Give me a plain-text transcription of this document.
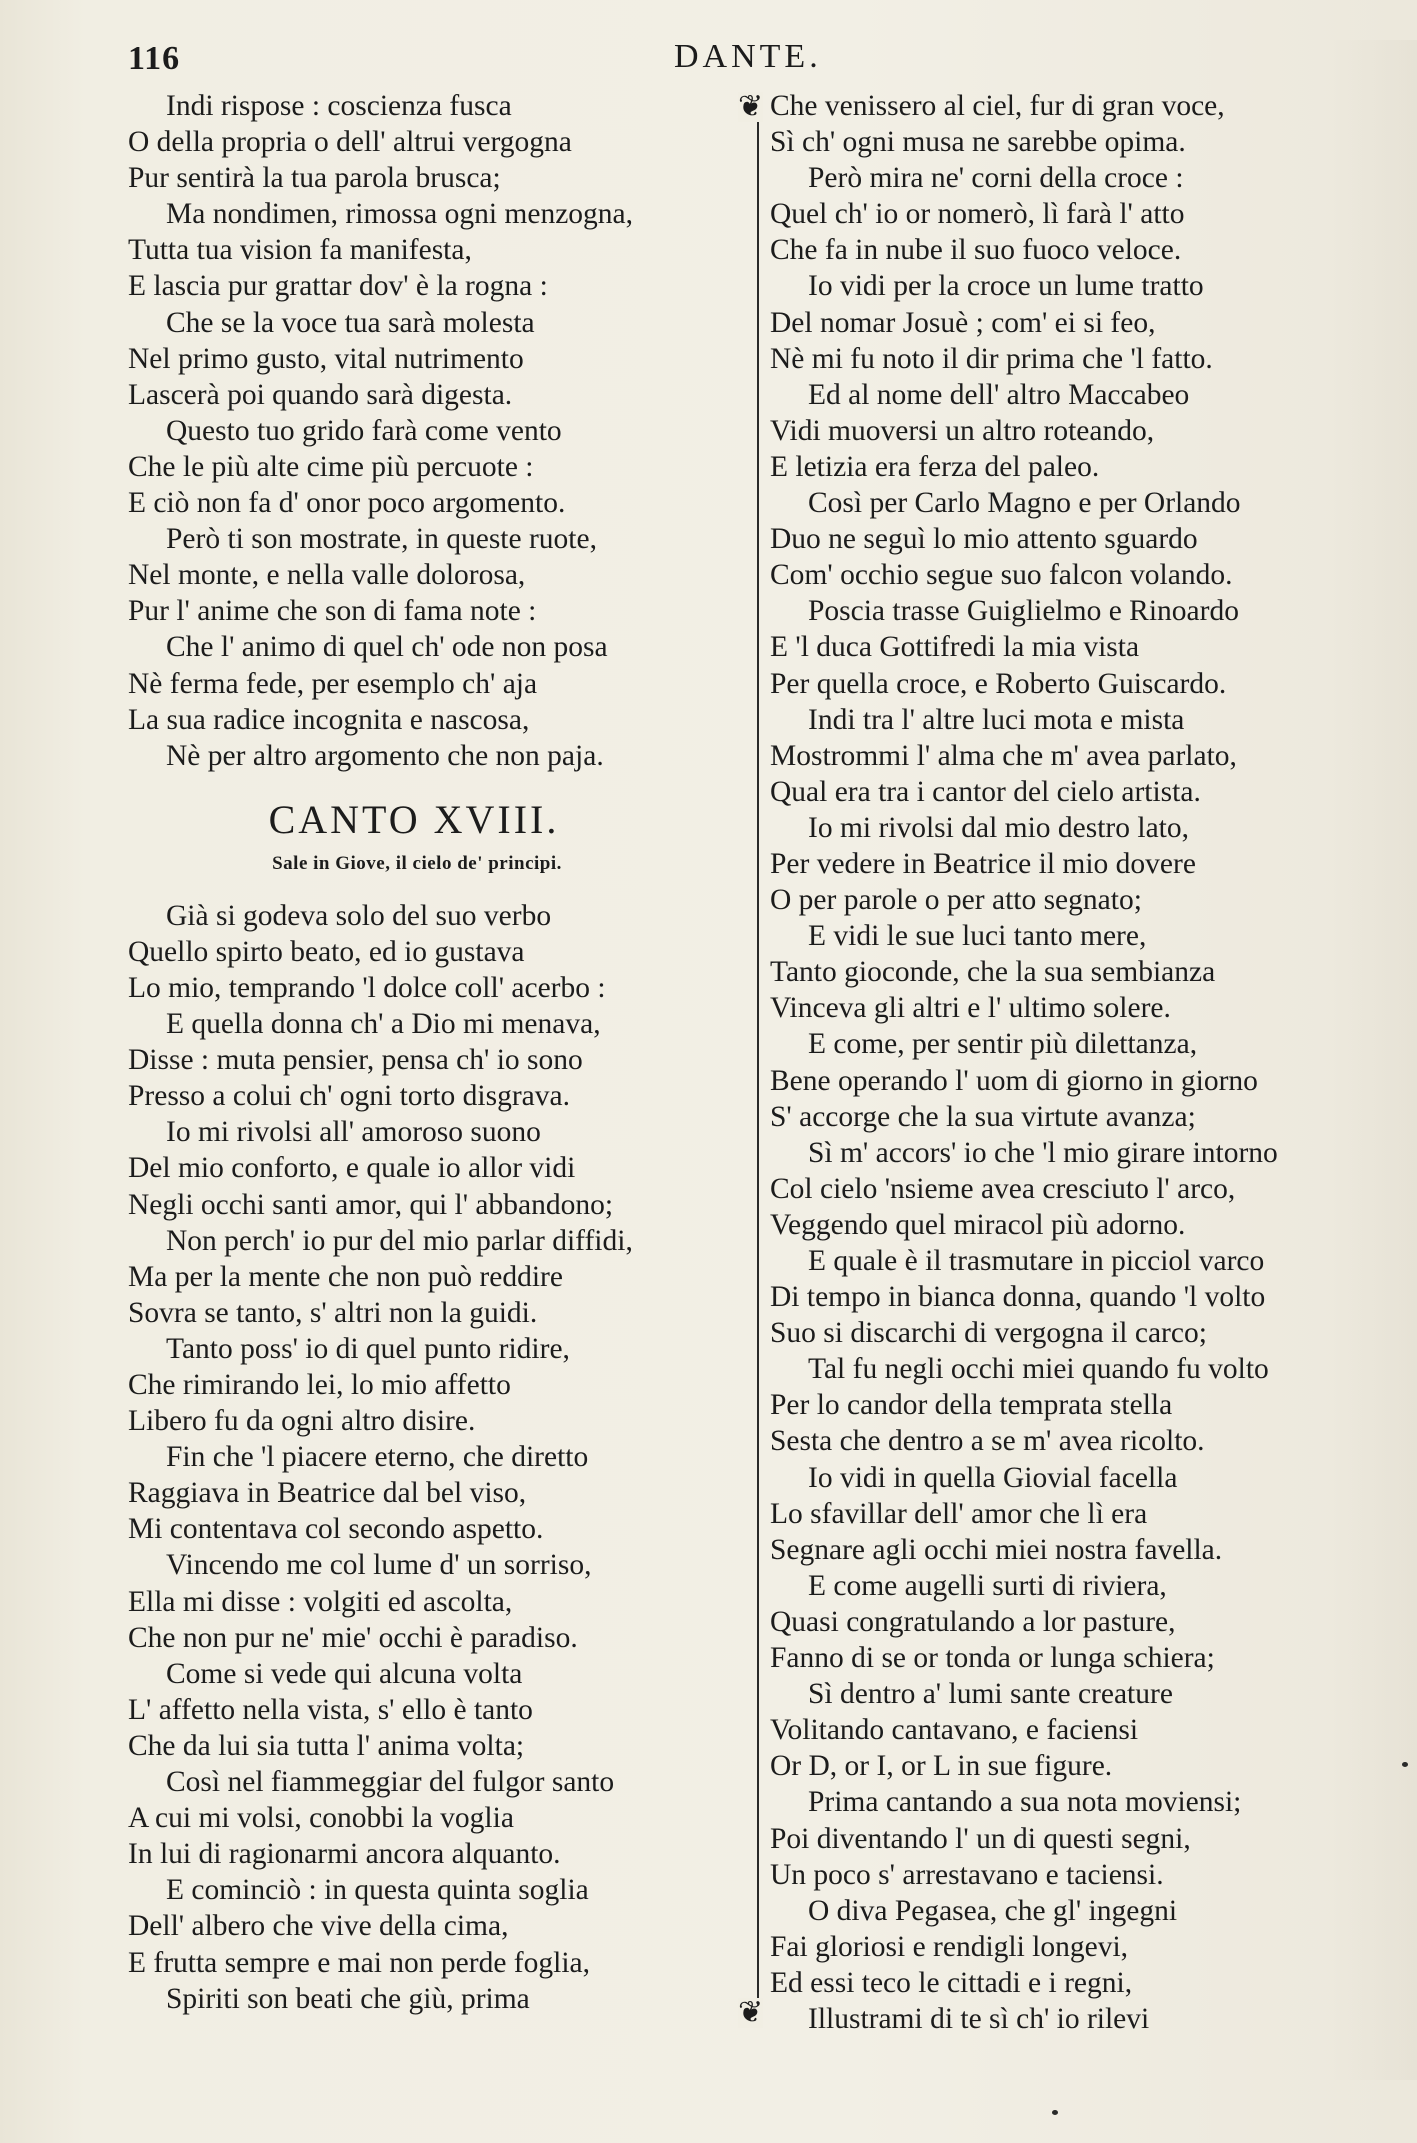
116	DANTE.
❦
❦
Indi rispose : coscienza fusca
O della propria o dell' altrui vergogna
Pur sentirà la tua parola brusca;
Ma nondimen, rimossa ogni menzogna,
Tutta tua vision fa manifesta,
E lascia pur grattar dov' è la rogna :
Che se la voce tua sarà molesta
Nel primo gusto, vital nutrimento
Lascerà poi quando sarà digesta.
Questo tuo grido farà come vento
Che le più alte cime più percuote :
E ciò non fa d' onor poco argomento.
Però ti son mostrate, in queste ruote,
Nel monte, e nella valle dolorosa,
Pur l' anime che son di fama note :
Che l' animo di quel ch' ode non posa
Nè ferma fede, per esemplo ch' aja
La sua radice incognita e nascosa,
Nè per altro argomento che non paja.
CANTO XVIII.
Sale in Giove, il cielo de' principi.
Già si godeva solo del suo verbo
Quello spirto beato, ed io gustava
Lo mio, temprando 'l dolce coll' acerbo :
E quella donna ch' a Dio mi menava,
Disse : muta pensier, pensa ch' io sono
Presso a colui ch' ogni torto disgrava.
Io mi rivolsi all' amoroso suono
Del mio conforto, e quale io allor vidi
Negli occhi santi amor, qui l' abbandono;
Non perch' io pur del mio parlar diffidi,
Ma per la mente che non può reddire
Sovra se tanto, s' altri non la guidi.
Tanto poss' io di quel punto ridire,
Che rimirando lei, lo mio affetto
Libero fu da ogni altro disire.
Fin che 'l piacere eterno, che diretto
Raggiava in Beatrice dal bel viso,
Mi contentava col secondo aspetto.
Vincendo me col lume d' un sorriso,
Ella mi disse : volgiti ed ascolta,
Che non pur ne' mie' occhi è paradiso.
Come si vede qui alcuna volta
L' affetto nella vista, s' ello è tanto
Che da lui sia tutta l' anima volta;
Così nel fiammeggiar del fulgor santo
A cui mi volsi, conobbi la voglia
In lui di ragionarmi ancora alquanto.
E cominciò : in questa quinta soglia
Dell' albero che vive della cima,
E frutta sempre e mai non perde foglia,
Spiriti son beati che giù, prima
Che venissero al ciel, fur di gran voce,
Sì ch' ogni musa ne sarebbe opima.
Però mira ne' corni della croce :
Quel ch' io or nomerò, lì farà l' atto
Che fa in nube il suo fuoco veloce.
Io vidi per la croce un lume tratto
Del nomar Josuè ; com' ei si feo,
Nè mi fu noto il dir prima che 'l fatto.
Ed al nome dell' altro Maccabeo
Vidi muoversi un altro roteando,
E letizia era ferza del paleo.
Così per Carlo Magno e per Orlando
Duo ne seguì lo mio attento sguardo
Com' occhio segue suo falcon volando.
Poscia trasse Guiglielmo e Rinoardo
E 'l duca Gottifredi la mia vista
Per quella croce, e Roberto Guiscardo.
Indi tra l' altre luci mota e mista
Mostrommi l' alma che m' avea parlato,
Qual era tra i cantor del cielo artista.
Io mi rivolsi dal mio destro lato,
Per vedere in Beatrice il mio dovere
O per parole o per atto segnato;
E vidi le sue luci tanto mere,
Tanto gioconde, che la sua sembianza
Vinceva gli altri e l' ultimo solere.
E come, per sentir più dilettanza,
Bene operando l' uom di giorno in giorno
S' accorge che la sua virtute avanza;
Sì m' accors' io che 'l mio girare intorno
Col cielo 'nsieme avea cresciuto l' arco,
Veggendo quel miracol più adorno.
E quale è il trasmutare in picciol varco
Di tempo in bianca donna, quando 'l volto
Suo si discarchi di vergogna il carco;
Tal fu negli occhi miei quando fu volto
Per lo candor della temprata stella
Sesta che dentro a se m' avea ricolto.
Io vidi in quella Giovial facella
Lo sfavillar dell' amor che lì era
Segnare agli occhi miei nostra favella.
E come augelli surti di riviera,
Quasi congratulando a lor pasture,
Fanno di se or tonda or lunga schiera;
Sì dentro a' lumi sante creature
Volitando cantavano, e faciensi
Or D, or I, or L in sue figure.
Prima cantando a sua nota moviensi;
Poi diventando l' un di questi segni,
Un poco s' arrestavano e taciensi.
O diva Pegasea, che gl' ingegni
Fai gloriosi e rendigli longevi,
Ed essi teco le cittadi e i regni,
Illustrami di te sì ch' io rilevi
